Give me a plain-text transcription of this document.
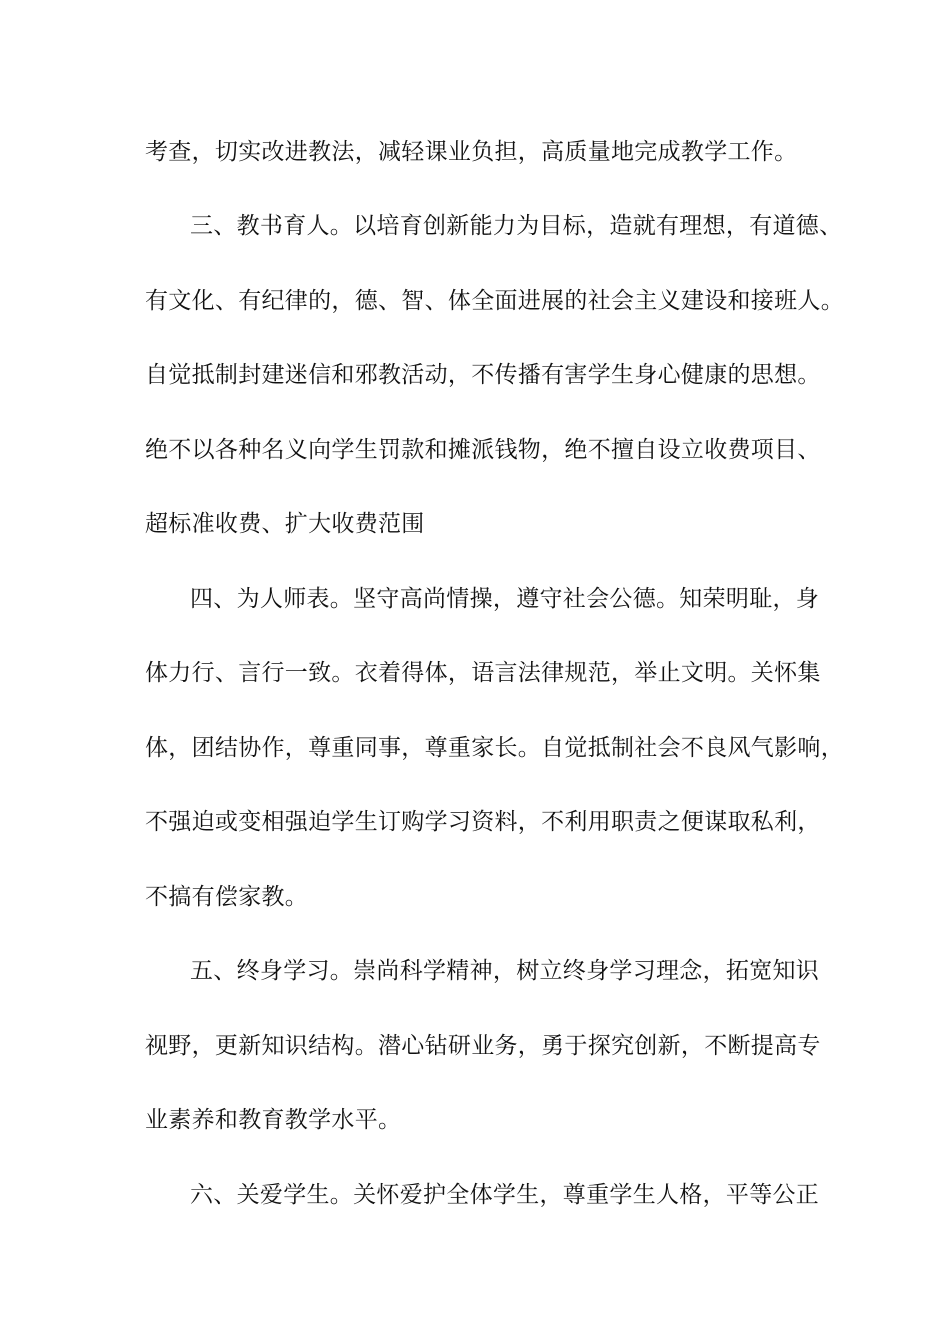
考查，切实改进教法，减轻课业负担，高质量地完成教学工作。
三、教书育人。以培育创新能力为目标，造就有理想，有道德、
有文化、有纪律的，德、智、体全面进展的社会主义建设和接班人。
自觉抵制封建迷信和邪教活动，不传播有害学生身心健康的思想。
绝不以各种名义向学生罚款和摊派钱物，绝不擅自设立收费项目、
超标准收费、扩大收费范围
四、为人师表。坚守高尚情操，遵守社会公德。知荣明耻，身
体力行、言行一致。衣着得体，语言法律规范，举止文明。关怀集
体，团结协作，尊重同事，尊重家长。自觉抵制社会不良风气影响，
不强迫或变相强迫学生订购学习资料，不利用职责之便谋取私利，
不搞有偿家教。
五、终身学习。崇尚科学精神，树立终身学习理念，拓宽知识
视野，更新知识结构。潜心钻研业务，勇于探究创新，不断提高专
业素养和教育教学水平。
六、关爱学生。关怀爱护全体学生，尊重学生人格，平等公正
